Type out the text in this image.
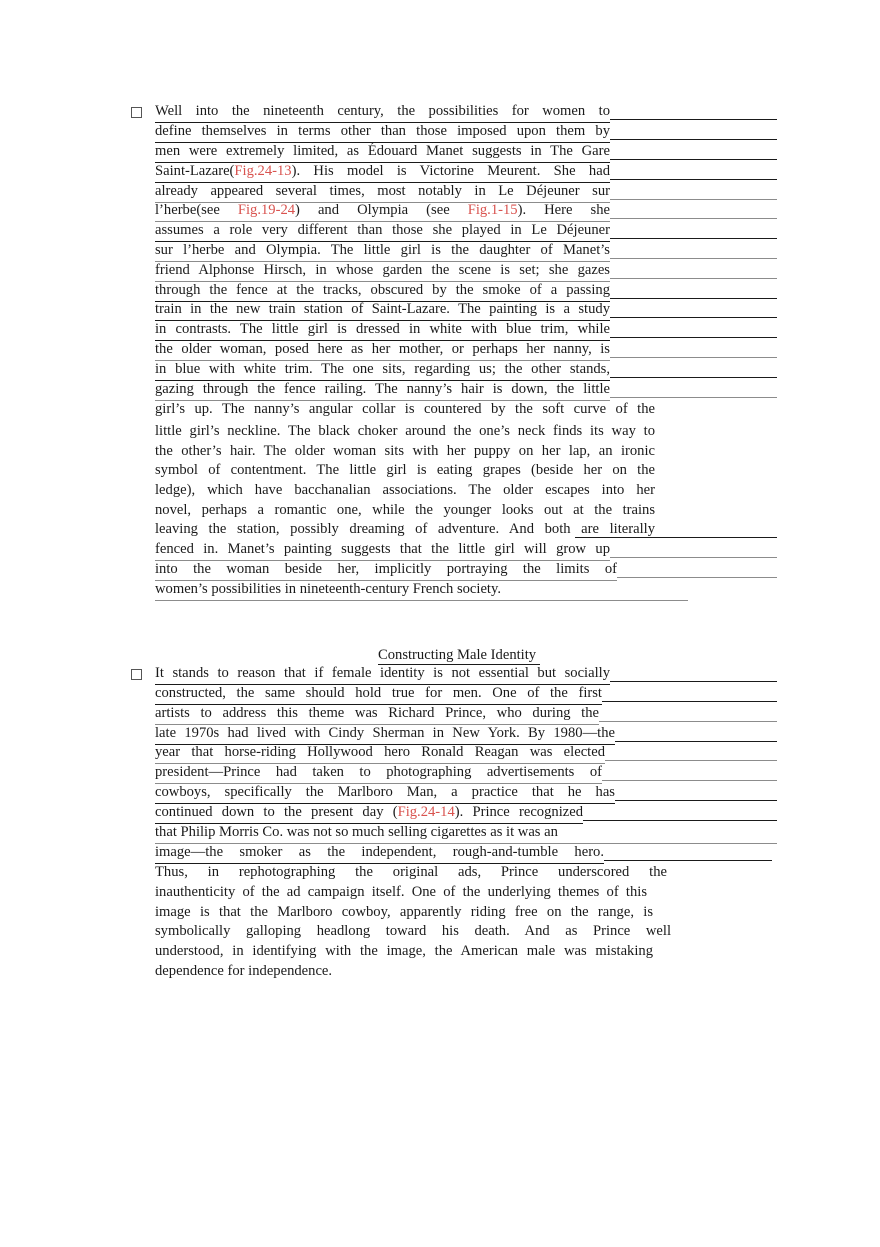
Well into the nineteenth century, the possibilities for women to
define themselves in terms other than those imposed upon them by
men were extremely limited, as Édouard Manet suggests in The Gare
Saint-Lazare(Fig.24-13). His model is Victorine Meurent. She had
already appeared several times, most notably in Le Déjeuner sur
l’herbe(see Fig.19-24) and Olympia (see Fig.1-15). Here she
assumes a role very different than those she played in Le Déjeuner
sur l’herbe and Olympia. The little girl is the daughter of Manet’s
friend Alphonse Hirsch, in whose garden the scene is set; she gazes
through the fence at the tracks, obscured by the smoke of a passing
train in the new train station of Saint-Lazare. The painting is a study
in contrasts. The little girl is dressed in white with blue trim, while
the older woman, posed here as her mother, or perhaps her nanny, is
in blue with white trim. The one sits, regarding us; the other stands,
gazing through the fence railing. The nanny’s hair is down, the little
girl’s up. The nanny’s angular collar is countered by the soft curve of the
little girl’s neckline. The black choker around the one’s neck finds its way to
the other’s hair. The older woman sits with her puppy on her lap, an ironic
symbol of contentment. The little girl is eating grapes (beside her on the
ledge), which have bacchanalian associations. The older escapes into her
novel, perhaps a romantic one, while the younger looks out at the trains
leaving the station, possibly dreaming of adventure. And both are literally
fenced in. Manet’s painting suggests that the little girl will grow up
into the woman beside her, implicitly portraying the limits of
women’s possibilities in nineteenth-century French society.
Constructing Male Identity
It stands to reason that if female identity is not essential but socially
constructed, the same should hold true for men. One of the first
artists to address this theme was Richard Prince, who during the
late 1970s had lived with Cindy Sherman in New York. By 1980—the
year that horse-riding Hollywood hero Ronald Reagan was elected
president—Prince had taken to photographing advertisements of
cowboys, specifically the Marlboro Man, a practice that he has
continued down to the present day (Fig.24-14). Prince recognized
that Philip Morris Co. was not so much selling cigarettes as it was an
image—the smoker as the independent, rough-and-tumble hero.
Thus, in rephotographing the original ads, Prince underscored the
inauthenticity of the ad campaign itself. One of the underlying themes of this
image is that the Marlboro cowboy, apparently riding free on the range, is
symbolically galloping headlong toward his death. And as Prince well
understood, in identifying with the image, the American male was mistaking
dependence for independence.
